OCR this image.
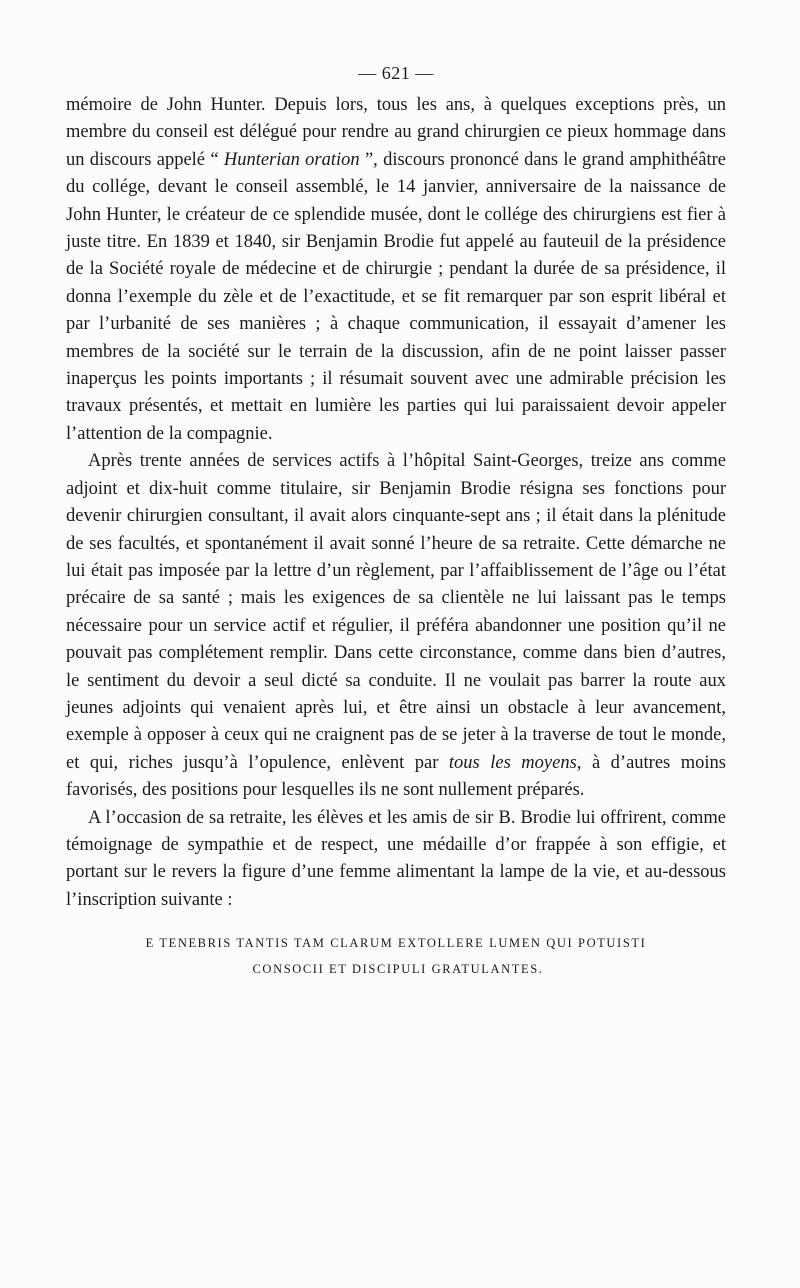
— 621 —

mémoire de John Hunter. Depuis lors, tous les ans, à quelques exceptions près, un membre du conseil est délégué pour rendre au grand chirurgien ce pieux hommage dans un discours appelé “ Hunterian oration ”, discours prononcé dans le grand amphithéâtre du collége, devant le conseil assemblé, le 14 janvier, anniversaire de la naissance de John Hunter, le créateur de ce splendide musée, dont le collége des chirurgiens est fier à juste titre. En 1839 et 1840, sir Benjamin Brodie fut appelé au fauteuil de la présidence de la Société royale de médecine et de chirurgie ; pendant la durée de sa présidence, il donna l’exemple du zèle et de l’exactitude, et se fit remarquer par son esprit libéral et par l’urbanité de ses manières ; à chaque communication, il essayait d’amener les membres de la société sur le terrain de la discussion, afin de ne point laisser passer inaperçus les points importants ; il résumait souvent avec une admirable précision les travaux présentés, et mettait en lumière les parties qui lui paraissaient devoir appeler l’attention de la compagnie.

Après trente années de services actifs à l’hôpital Saint-Georges, treize ans comme adjoint et dix-huit comme titulaire, sir Benjamin Brodie résigna ses fonctions pour devenir chirurgien consultant, il avait alors cinquante-sept ans ; il était dans la plénitude de ses facultés, et spontanément il avait sonné l’heure de sa retraite. Cette démarche ne lui était pas imposée par la lettre d’un règlement, par l’affaiblissement de l’âge ou l’état précaire de sa santé ; mais les exigences de sa clientèle ne lui laissant pas le temps nécessaire pour un service actif et régulier, il préféra abandonner une position qu’il ne pouvait pas complétement remplir. Dans cette circonstance, comme dans bien d’autres, le sentiment du devoir a seul dicté sa conduite. Il ne voulait pas barrer la route aux jeunes adjoints qui venaient après lui, et être ainsi un obstacle à leur avancement, exemple à opposer à ceux qui ne craignent pas de se jeter à la traverse de tout le monde, et qui, riches jusqu’à l’opulence, enlèvent par tous les moyens, à d’autres moins favorisés, des positions pour lesquelles ils ne sont nullement préparés.

A l’occasion de sa retraite, les élèves et les amis de sir B. Brodie lui offrirent, comme témoignage de sympathie et de respect, une médaille d’or frappée à son effigie, et portant sur le revers la figure d’une femme alimentant la lampe de la vie, et au-dessous l’inscription suivante :

E TENEBRIS TANTIS TAM CLARUM EXTOLLERE LUMEN QUI POTUISTI
CONSOCII ET DISCIPULI GRATULANTES.
